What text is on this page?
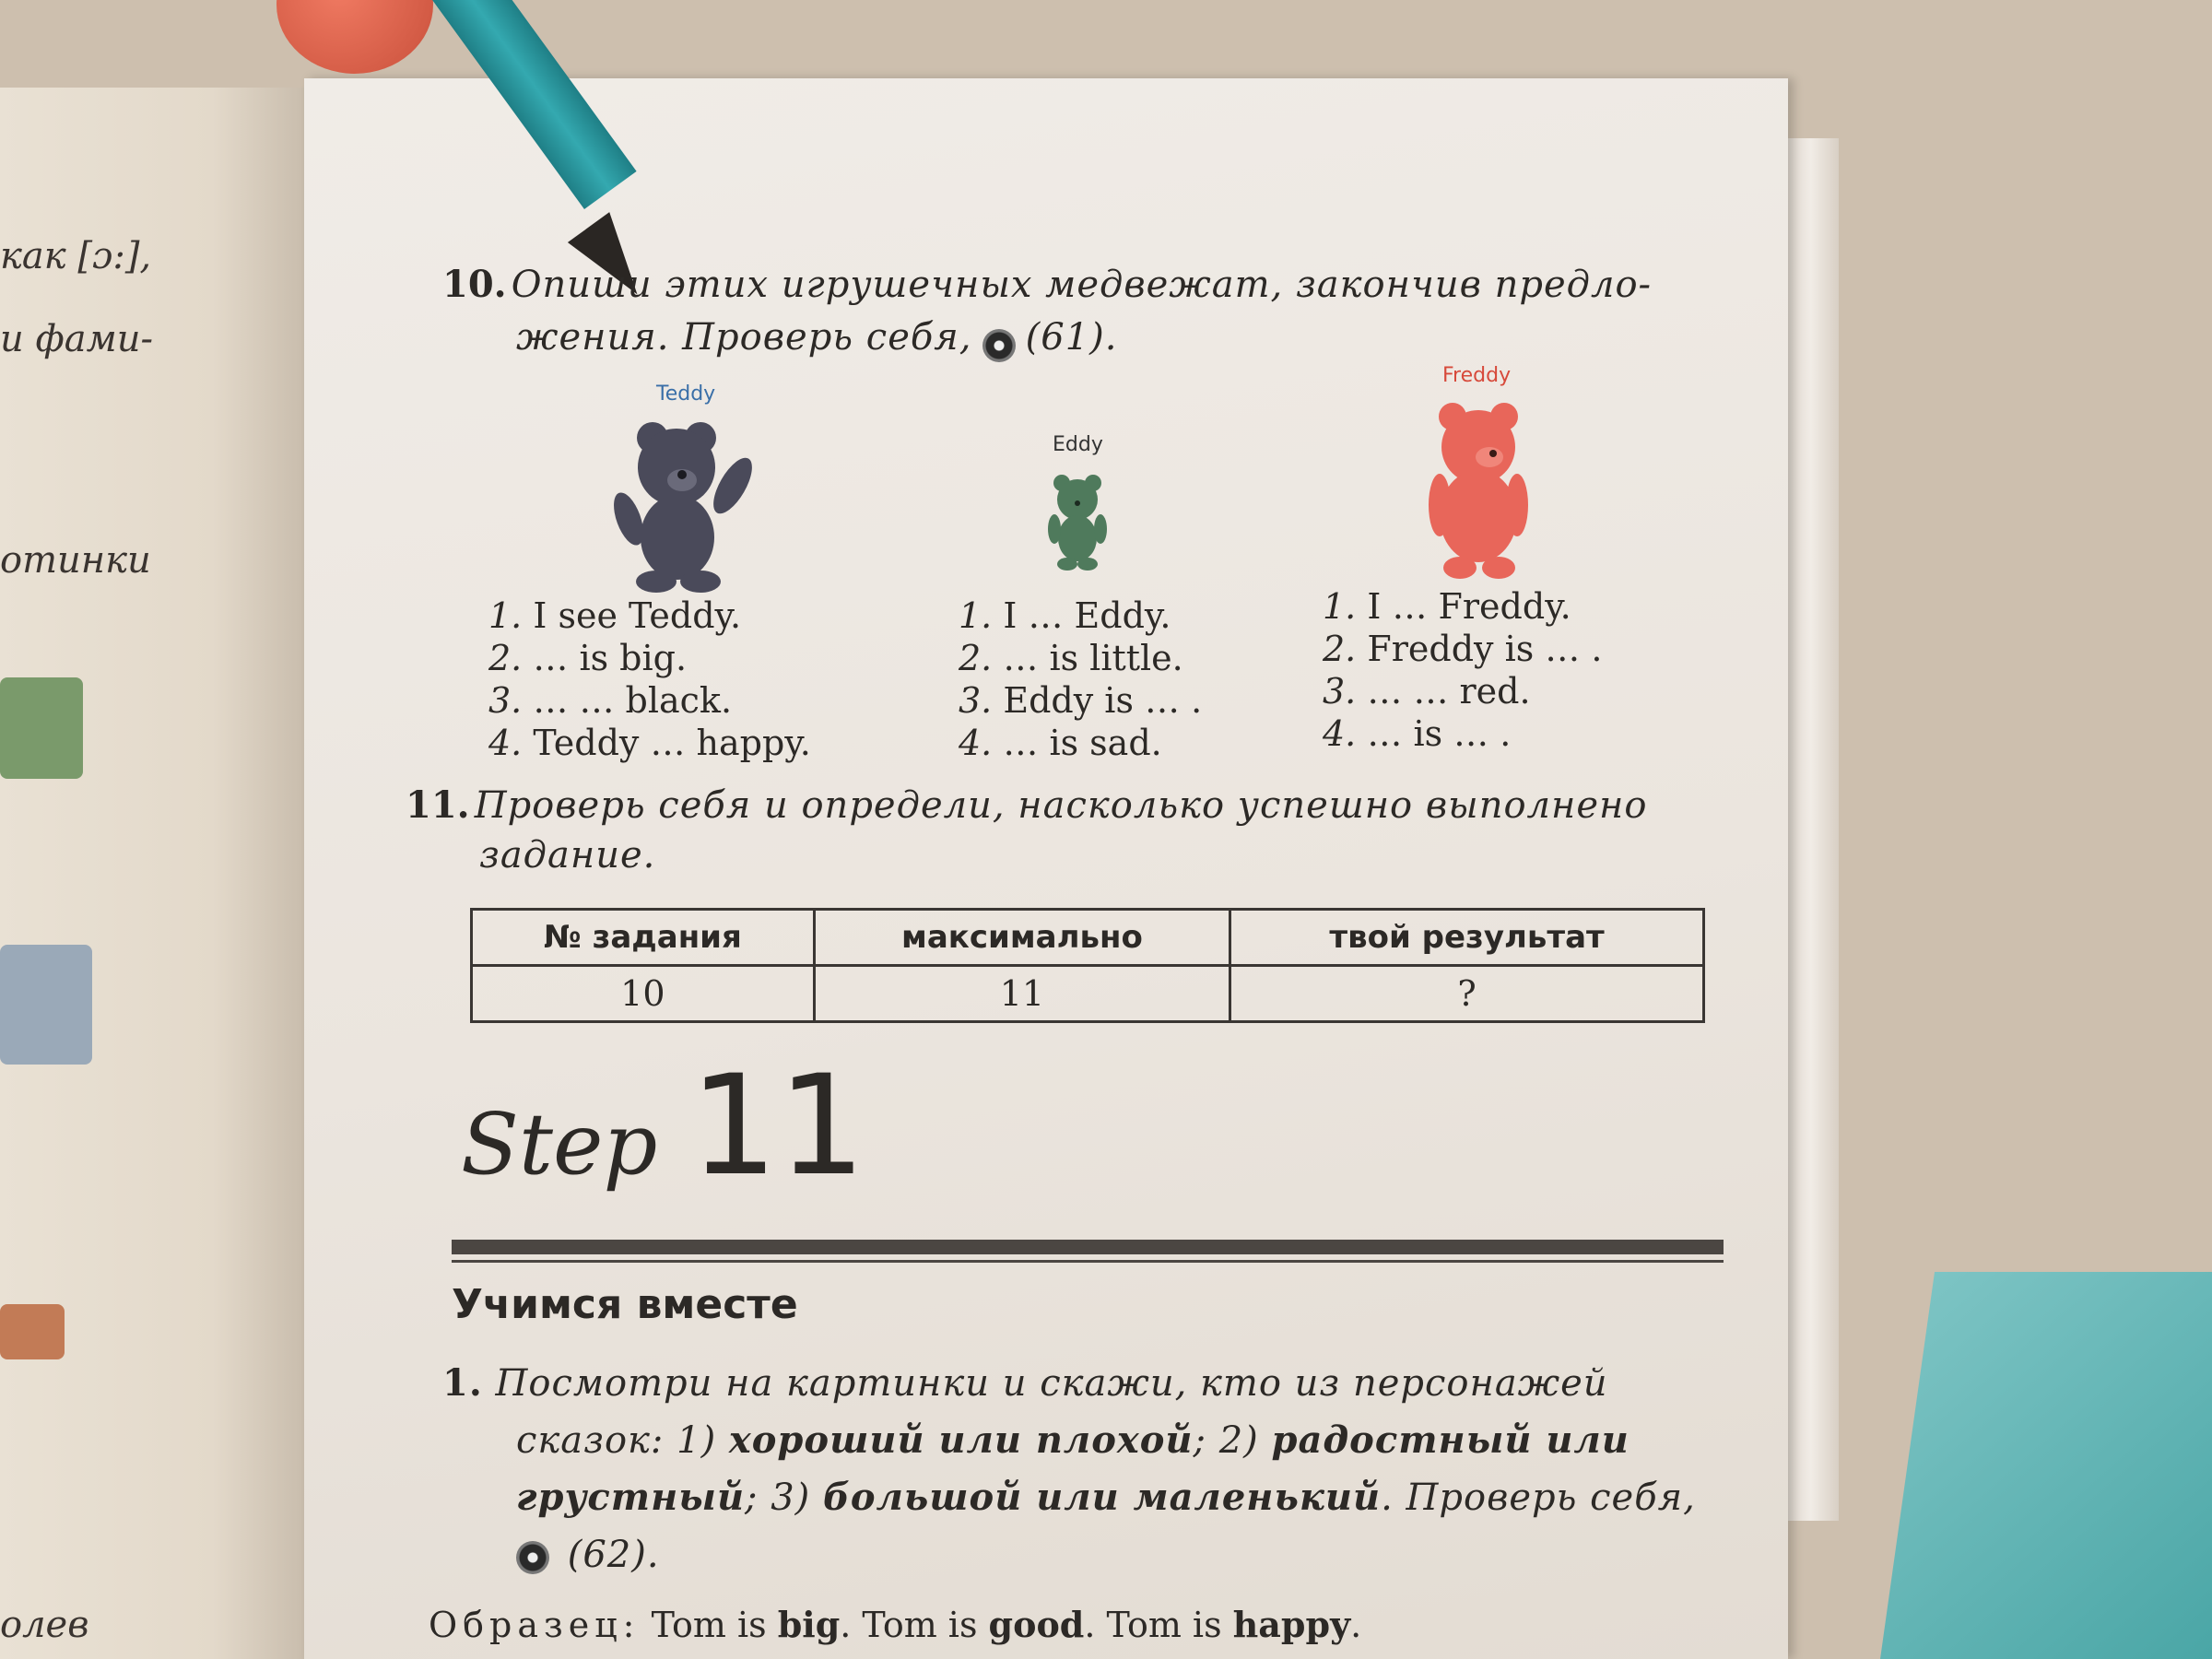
как [ɔ:],
и фами-
отинки
олев
10. Опиши этих игрушечных медвежат, закончив предло-
жения. Проверь себя, (61).
Teddy
Eddy
Freddy
1. I see Teddy.
2. … is big.
3. … … black.
4. Teddy … happy.
1. I … Eddy.
2. … is little.
3. Eddy is … .
4. … is sad.
1. I … Freddy.
2. Freddy is … .
3. … … red.
4. … is … .
11. Проверь себя и определи, насколько успешно выполнено
задание.
№ задания	максимально	твой результат
10	11	?
Step 11
Учимся вместе
1. Посмотри на картинки и скажи, кто из персонажей
сказок: 1) хороший или плохой; 2) радостный или
грустный; 3) большой или маленький. Проверь себя,
(62).
Образец: Tom is big. Tom is good. Tom is happy.
